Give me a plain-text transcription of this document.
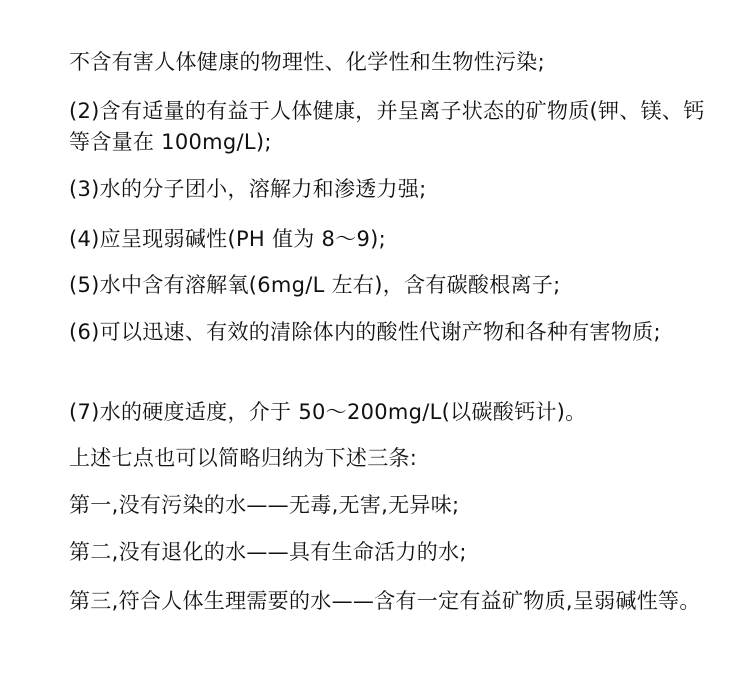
不含有害人体健康的物理性、化学性和生物性污染;

(2)含有适量的有益于人体健康，并呈离子状态的矿物质(钾、镁、钙等含量在 100mg/L);

(3)水的分子团小，溶解力和渗透力强;

(4)应呈现弱碱性(PH 值为 8～9);

(5)水中含有溶解氧(6mg/L 左右)，含有碳酸根离子;

(6)可以迅速、有效的清除体内的酸性代谢产物和各种有害物质;

(7)水的硬度适度，介于 50～200mg/L(以碳酸钙计)。

上述七点也可以简略归纳为下述三条:

第一,没有污染的水——无毒,无害,无异味;

第二,没有退化的水——具有生命活力的水;

第三,符合人体生理需要的水——含有一定有益矿物质,呈弱碱性等。
